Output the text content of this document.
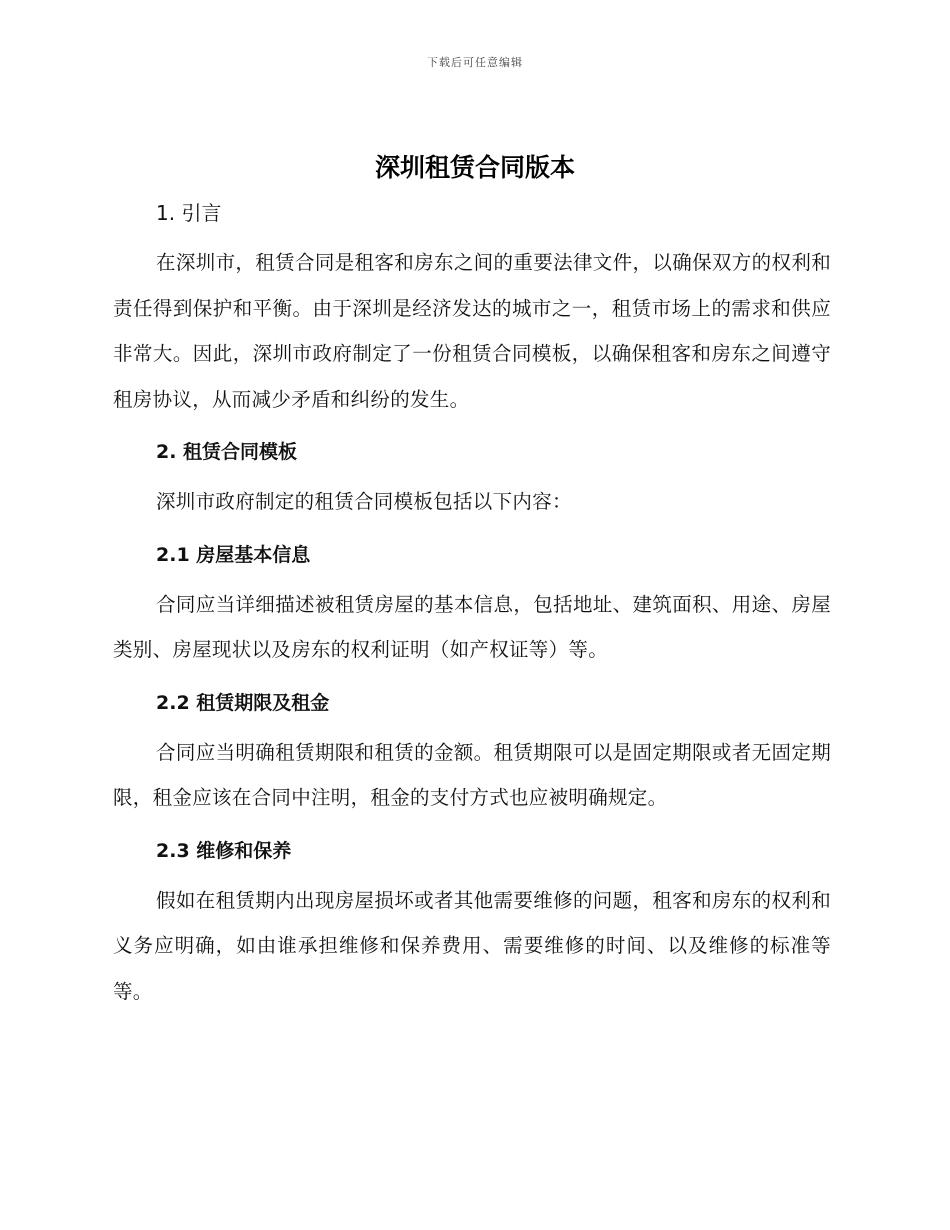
下载后可任意编辑
深圳租赁合同版本
1. 引言

在深圳市，租赁合同是租客和房东之间的重要法律文件，以确保双方的权利和责任得到保护和平衡。由于深圳是经济发达的城市之一，租赁市场上的需求和供应非常大。因此，深圳市政府制定了一份租赁合同模板，以确保租客和房东之间遵守租房协议，从而减少矛盾和纠纷的发生。

2. 租赁合同模板

深圳市政府制定的租赁合同模板包括以下内容：

2.1 房屋基本信息

合同应当详细描述被租赁房屋的基本信息，包括地址、建筑面积、用途、房屋类别、房屋现状以及房东的权利证明（如产权证等）等。

2.2 租赁期限及租金

合同应当明确租赁期限和租赁的金额。租赁期限可以是固定期限或者无固定期限，租金应该在合同中注明，租金的支付方式也应被明确规定。

2.3 维修和保养

假如在租赁期内出现房屋损坏或者其他需要维修的问题，租客和房东的权利和义务应明确，如由谁承担维修和保养费用、需要维修的时间、以及维修的标准等等。
